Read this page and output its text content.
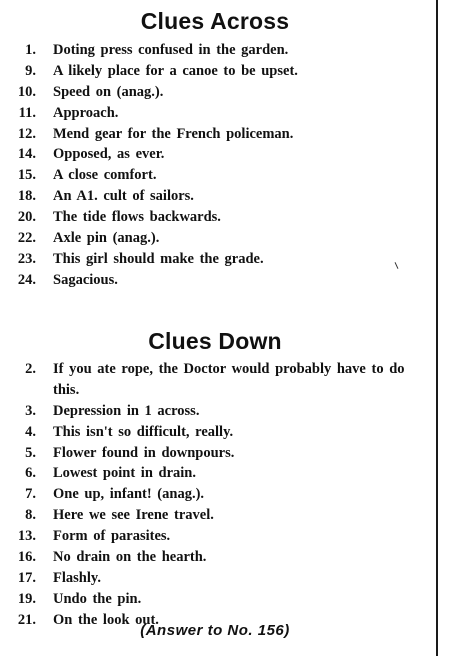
Clues Across
1. Doting press confused in the garden.
9. A likely place for a canoe to be upset.
10. Speed on (anag.).
11. Approach.
12. Mend gear for the French policeman.
14. Opposed, as ever.
15. A close comfort.
18. An A1. cult of sailors.
20. The tide flows backwards.
22. Axle pin (anag.).
23. This girl should make the grade.
24. Sagacious.
Clues Down
2. If you ate rope, the Doctor would probably have to do this.
3. Depression in 1 across.
4. This isn't so difficult, really.
5. Flower found in downpours.
6. Lowest point in drain.
7. One up, infant! (anag.).
8. Here we see Irene travel.
13. Form of parasites.
16. No drain on the hearth.
17. Flashly.
19. Undo the pin.
21. On the look out.
(Answer to No. 156)
